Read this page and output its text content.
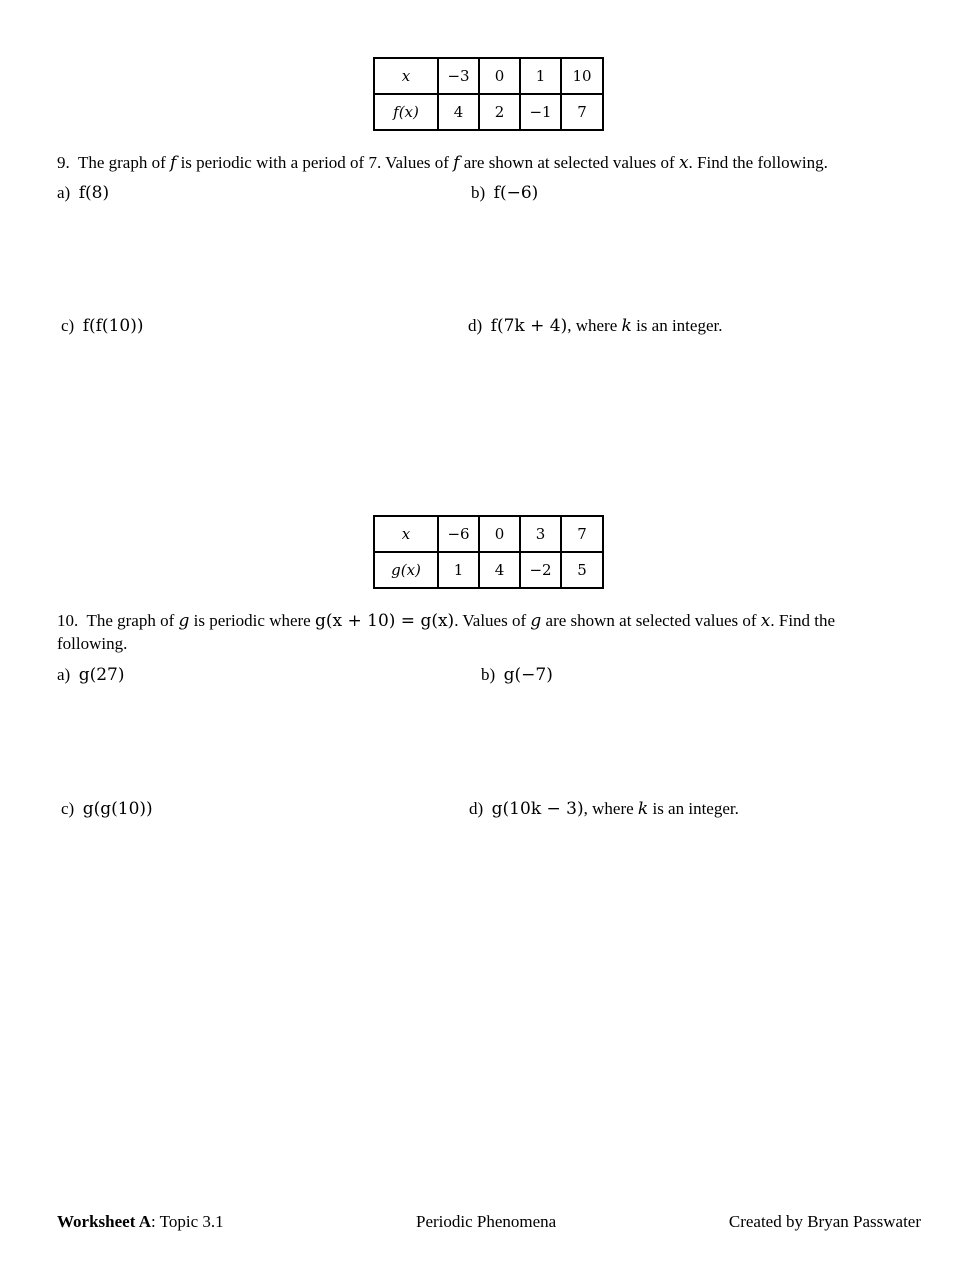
x	−3	0	1	10
f(x)	4	2	−1	7
9. The graph of f is periodic with a period of 7. Values of f are shown at selected values of x. Find the following.
a) f(8)	b) f(−6)
c) f(f(10))	d) f(7k + 4), where k is an integer.
x	−6	0	3	7
g(x)	1	4	−2	5
10. The graph of g is periodic where g(x + 10) = g(x). Values of g are shown at selected values of x. Find the
following.
a) g(27)	b) g(−7)
c) g(g(10))	d) g(10k − 3), where k is an integer.
Worksheet A: Topic 3.1	Periodic Phenomena	Created by Bryan Passwater
